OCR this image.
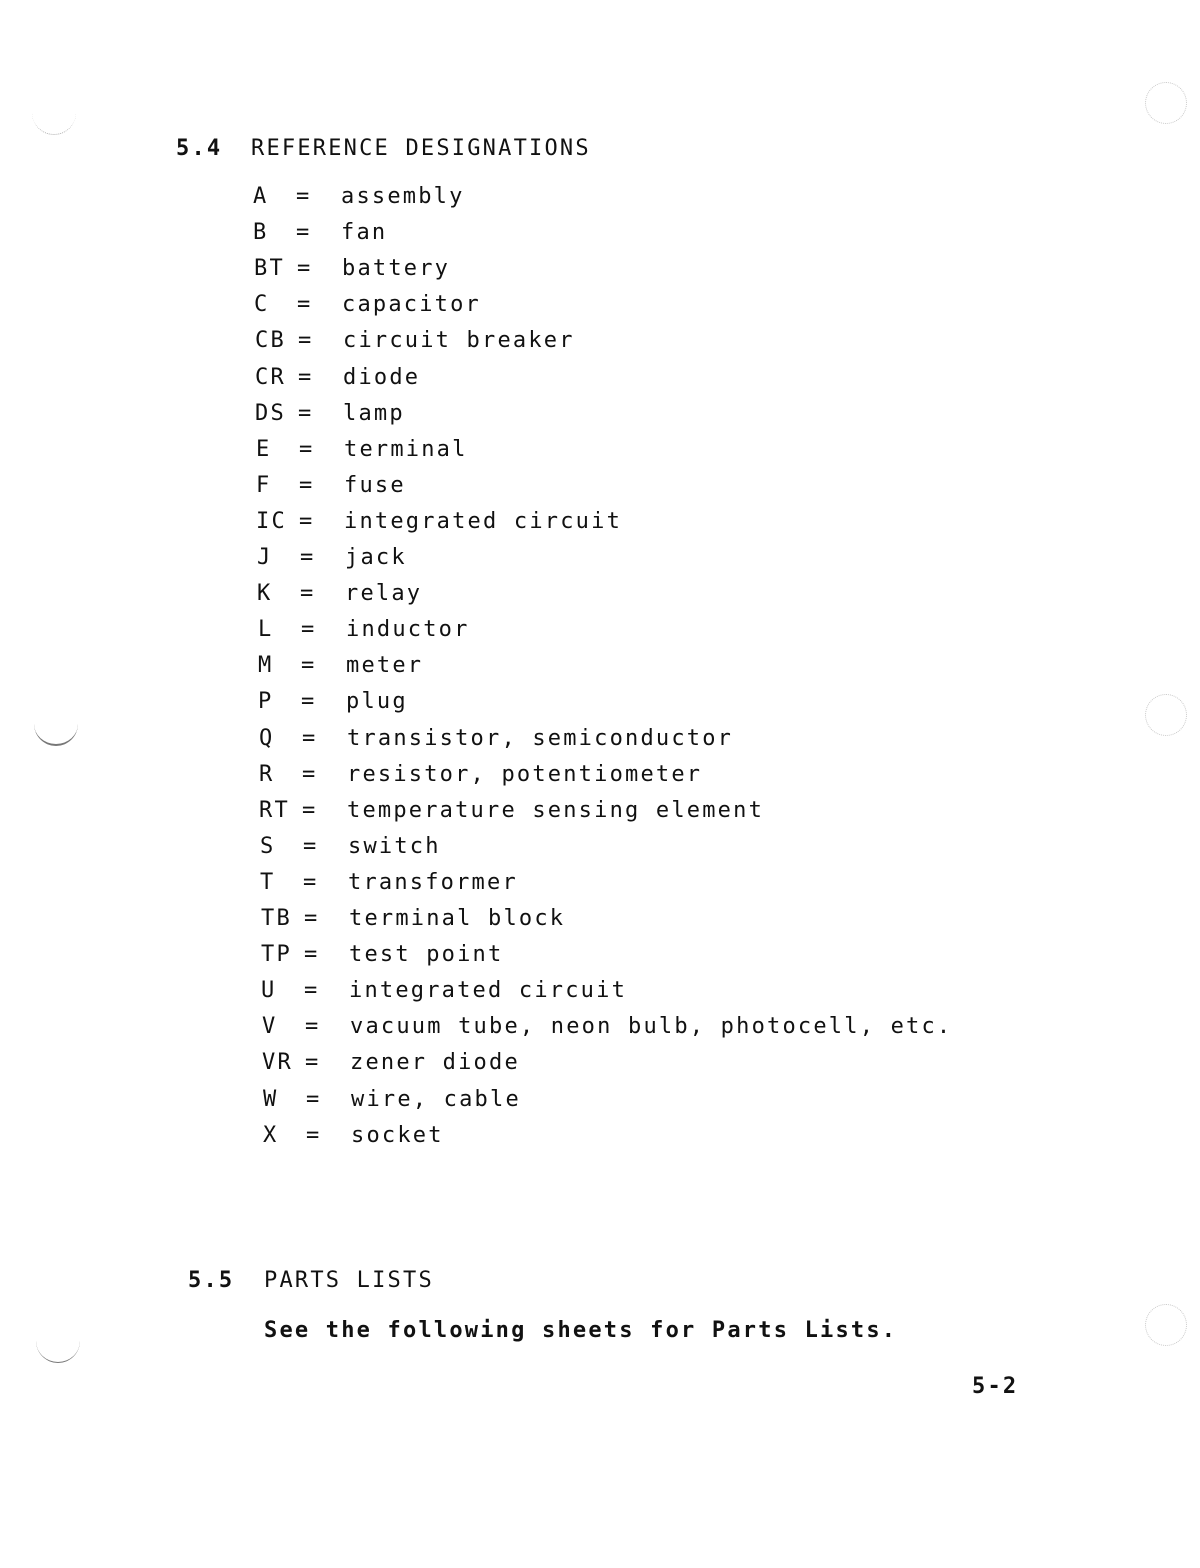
5.4 REFERENCE DESIGNATIONS
A = assembly
B = fan
BT = battery
C = capacitor
CB = circuit breaker
CR = diode
DS = lamp
E = terminal
F = fuse
IC = integrated circuit
J = jack
K = relay
L = inductor
M = meter
P = plug
Q = transistor, semiconductor
R = resistor, potentiometer
RT = temperature sensing element
S = switch
T = transformer
TB = terminal block
TP = test point
U = integrated circuit
V = vacuum tube, neon bulb, photocell, etc.
VR = zener diode
W = wire, cable
X = socket
5.5 PARTS LISTS
See the following sheets for Parts Lists.
5-2
